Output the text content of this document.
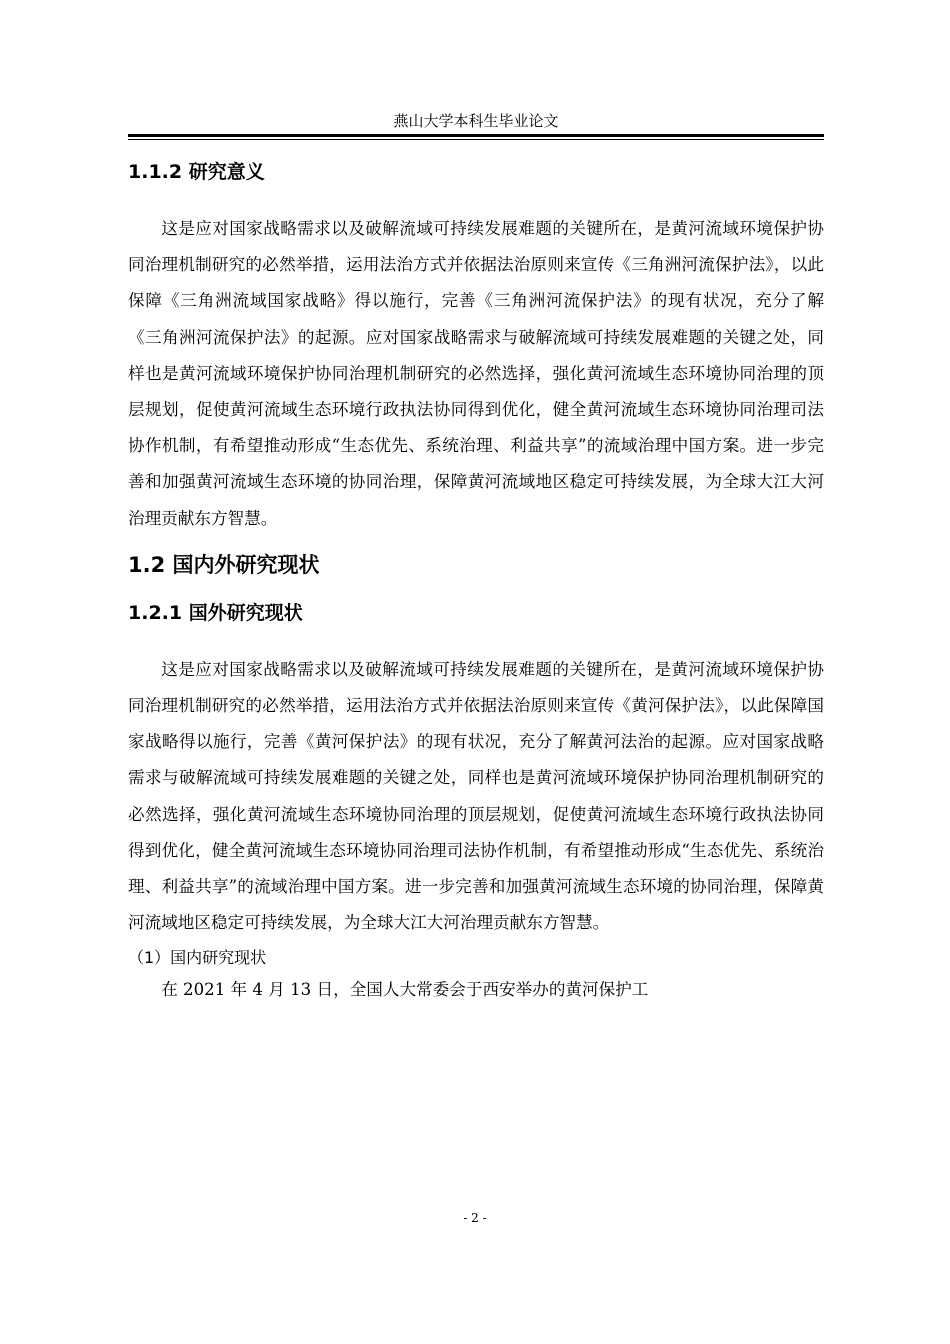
燕山大学本科生毕业论文
1.1.2 研究意义

这是应对国家战略需求以及破解流域可持续发展难题的关键所在，是黄河流域环境保护协同治理机制研究的必然举措，运用法治方式并依据法治原则来宣传《三角洲河流保护法》，以此保障《三角洲流域国家战略》得以施行，完善《三角洲河流保护法》的现有状况，充分了解《三角洲河流保护法》的起源。应对国家战略需求与破解流域可持续发展难题的关键之处，同样也是黄河流域环境保护协同治理机制研究的必然选择，强化黄河流域生态环境协同治理的顶层规划，促使黄河流域生态环境行政执法协同得到优化，健全黄河流域生态环境协同治理司法协作机制，有希望推动形成“生态优先、系统治理、利益共享”的流域治理中国方案。进一步完善和加强黄河流域生态环境的协同治理，保障黄河流域地区稳定可持续发展，为全球大江大河治理贡献东方智慧。

1.2 国内外研究现状
1.2.1 国外研究现状

这是应对国家战略需求以及破解流域可持续发展难题的关键所在，是黄河流域环境保护协同治理机制研究的必然举措，运用法治方式并依据法治原则来宣传《黄河保护法》，以此保障国家战略得以施行，完善《黄河保护法》的现有状况，充分了解黄河法治的起源。应对国家战略需求与破解流域可持续发展难题的关键之处，同样也是黄河流域环境保护协同治理机制研究的必然选择，强化黄河流域生态环境协同治理的顶层规划，促使黄河流域生态环境行政执法协同得到优化，健全黄河流域生态环境协同治理司法协作机制，有希望推动形成“生态优先、系统治理、利益共享”的流域治理中国方案。进一步完善和加强黄河流域生态环境的协同治理，保障黄河流域地区稳定可持续发展，为全球大江大河治理贡献东方智慧。

（1）国内研究现状

在 2021 年 4 月 13 日，全国人大常委会于西安举办的黄河保护工

- 2 -
